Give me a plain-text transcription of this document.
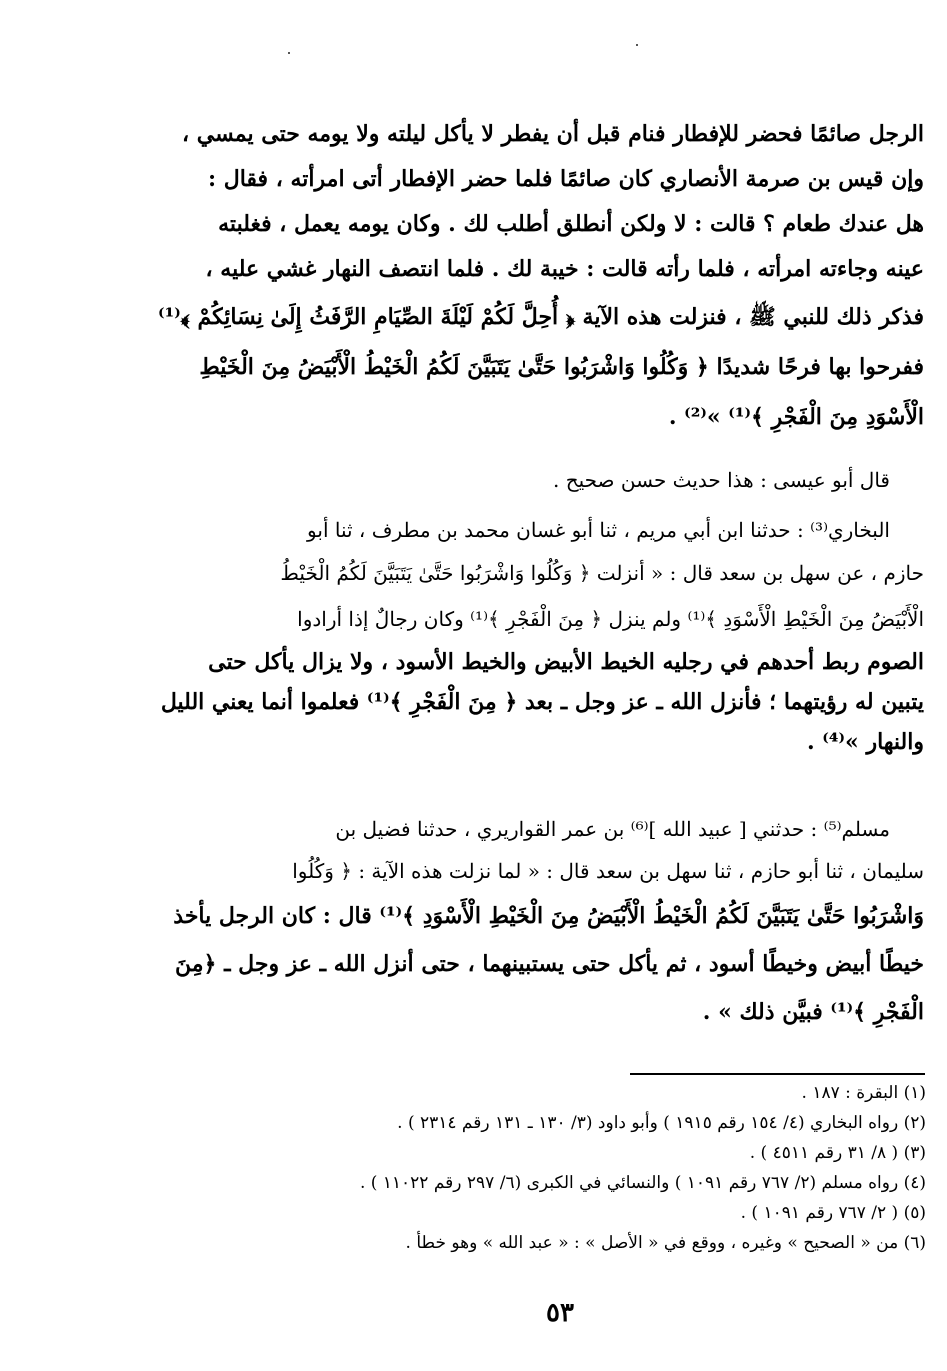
الرجل صائمًا فحضر للإفطار فنام قبل أن يفطر لا يأكل ليلته ولا يومه حتى يمسي ،
وإن قيس بن صرمة الأنصاري كان صائمًا فلما حضر الإفطار أتى امرأته ، فقال :
هل عندك طعام ؟ قالت : لا ولكن أنطلق أطلب لك . وكان يومه يعمل ، فغلبته
عينه وجاءته امرأته ، فلما رأته قالت : خيبة لك . فلما انتصف النهار غشي عليه ،
فذكر ذلك للنبي ﷺ ، فنزلت هذه الآية ﴿ أُحِلَّ لَكُمْ لَيْلَةَ الصِّيَامِ الرَّفَثُ إِلَىٰ نِسَائِكُمْ ﴾⁽¹⁾
ففرحوا بها فرحًا شديدًا ﴿ وَكُلُوا وَاشْرَبُوا حَتَّىٰ يَتَبَيَّنَ لَكُمُ الْخَيْطُ الْأَبْيَضُ مِنَ الْخَيْطِ
الْأَسْوَدِ مِنَ الْفَجْرِ ﴾⁽¹⁾ »⁽²⁾ .
قال أبو عيسى : هذا حديث حسن صحيح .
البخاري⁽³⁾ : حدثنا ابن أبي مريم ، ثنا أبو غسان محمد بن مطرف ، ثنا أبو
حازم ، عن سهل بن سعد قال : « أنزلت ﴿ وَكُلُوا وَاشْرَبُوا حَتَّىٰ يَتَبَيَّنَ لَكُمُ الْخَيْطُ
الْأَبْيَضُ مِنَ الْخَيْطِ الْأَسْوَدِ ﴾⁽¹⁾ ولم ينزل ﴿ مِنَ الْفَجْرِ ﴾⁽¹⁾ وكان رجالٌ إذا أرادوا
الصوم ربط أحدهم في رجليه الخيط الأبيض والخيط الأسود ، ولا يزال يأكل حتى
يتبين له رؤيتهما ؛ فأنزل الله ـ عز وجل ـ بعد ﴿ مِنَ الْفَجْرِ ﴾⁽¹⁾ فعلموا أنما يعني الليل
والنهار »⁽⁴⁾ .
مسلم⁽⁵⁾ : حدثني [ عبيد الله ]⁽⁶⁾ بن عمر القواريري ، حدثنا فضيل بن
سليمان ، ثنا أبو حازم ، ثنا سهل بن سعد قال : « لما نزلت هذه الآية : ﴿ وَكُلُوا
وَاشْرَبُوا حَتَّىٰ يَتَبَيَّنَ لَكُمُ الْخَيْطُ الْأَبْيَضُ مِنَ الْخَيْطِ الْأَسْوَدِ ﴾⁽¹⁾ قال : كان الرجل يأخذ
خيطًا أبيض وخيطًا أسود ، ثم يأكل حتى يستبينهما ، حتى أنزل الله ـ عز وجل ـ ﴿مِنَ
الْفَجْرِ ﴾⁽¹⁾ فبيَّن ذلك » .
(١) البقرة : ١٨٧ .
(٢) رواه البخاري (٤/ ١٥٤ رقم ١٩١٥ ) وأبو داود (٣/ ١٣٠ ـ ١٣١ رقم ٢٣١٤ ) .
(٣) ( ٨/ ٣١ رقم ٤٥١١ ) .
(٤) رواه مسلم (٢/ ٧٦٧ رقم ١٠٩١ ) والنسائي في الكبرى (٦/ ٢٩٧ رقم ١١٠٢٢ ) .
(٥) ( ٢/ ٧٦٧ رقم ١٠٩١ ) .
(٦) من « الصحيح » وغيره ، ووقع في « الأصل » : « عبد الله » وهو خطأ .
٥٣
